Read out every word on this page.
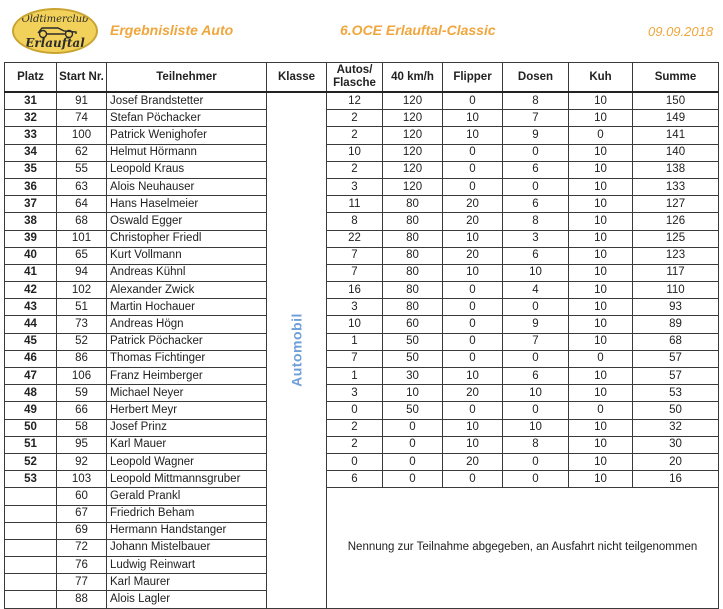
Oldtimerclub
Erlauftal
Ergebnisliste Auto	6.OCE Erlauftal-Classic	09.09.2018
Platz	Start Nr.	Teilnehmer	Klasse	Autos/
Flasche	40 km/h	Flipper	Dosen	Kuh	Summe
31	91	Josef Brandstetter	Automobil	12	120	0	8	10	150
32	74	Stefan Pöchacker		2	120	10	7	10	149
33	100	Patrick Wenighofer		2	120	10	9	0	141
34	62	Helmut Hörmann		10	120	0	0	10	140
35	55	Leopold Kraus		2	120	0	6	10	138
36	63	Alois Neuhauser		3	120	0	0	10	133
37	64	Hans Haselmeier		11	80	20	6	10	127
38	68	Oswald Egger		8	80	20	8	10	126
39	101	Christopher Friedl		22	80	10	3	10	125
40	65	Kurt Vollmann		7	80	20	6	10	123
41	94	Andreas Kühnl		7	80	10	10	10	117
42	102	Alexander Zwick		16	80	0	4	10	110
43	51	Martin Hochauer		3	80	0	0	10	93
44	73	Andreas Högn		10	60	0	9	10	89
45	52	Patrick Pöchacker		1	50	0	7	10	68
46	86	Thomas Fichtinger		7	50	0	0	0	57
47	106	Franz Heimberger		1	30	10	6	10	57
48	59	Michael Neyer		3	10	20	10	10	53
49	66	Herbert Meyr		0	50	0	0	0	50
50	58	Josef Prinz		2	0	10	10	10	32
51	95	Karl Mauer		2	0	10	8	10	30
52	92	Leopold Wagner		0	0	20	0	10	20
53	103	Leopold Mittmannsgruber		6	0	0	0	10	16
	60	Gerald Prankl		Nennung zur Teilnahme abgegeben, an Ausfahrt nicht teilgenommen					
	67	Friedrich Beham							
	69	Hermann Handstanger							
	72	Johann Mistelbauer							
	76	Ludwig Reinwart							
	77	Karl Maurer							
	88	Alois Lagler							
